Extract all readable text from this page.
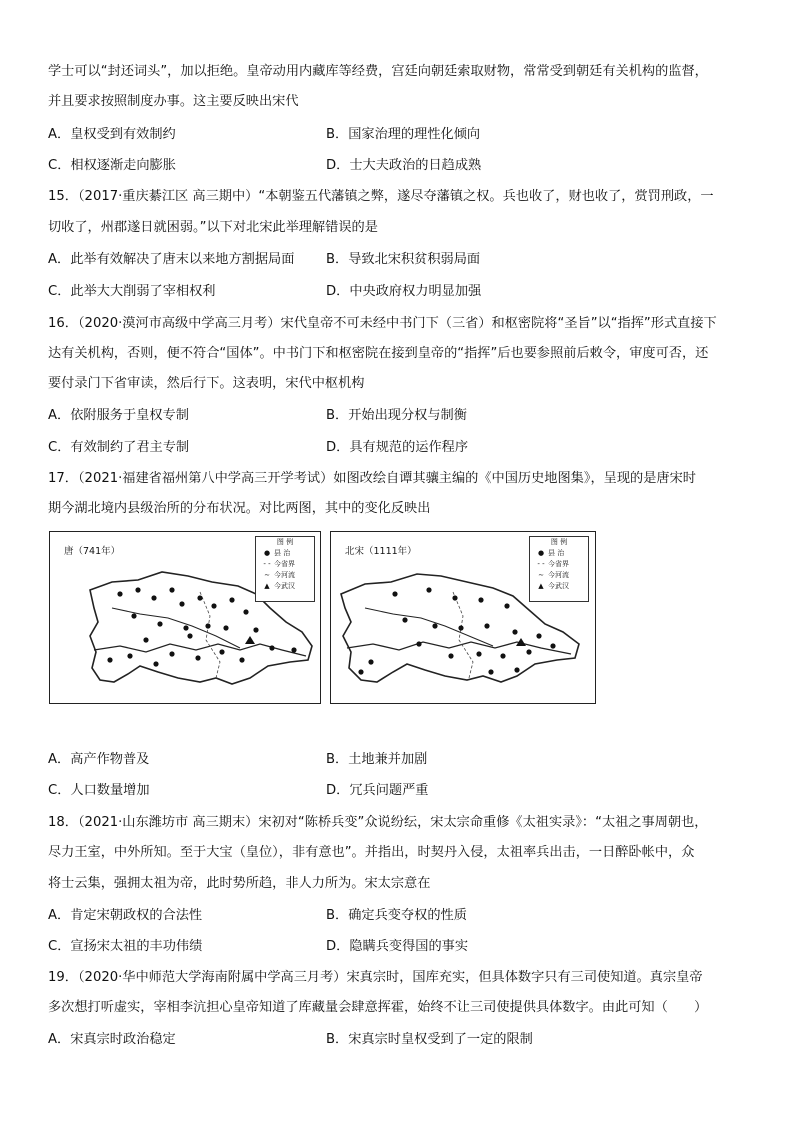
学士可以“封还词头”，加以拒绝。皇帝动用内藏库等经费，宫廷向朝廷索取财物，常常受到朝廷有关机构的监督，
并且要求按照制度办事。这主要反映出宋代
A．皇权受到有效制约	B．国家治理的理性化倾向
C．相权逐渐走向膨胀	D．士大夫政治的日趋成熟
15．（2017·重庆綦江区 高三期中）“本朝鉴五代藩镇之弊，遂尽夺藩镇之权。兵也收了，财也收了，赏罚刑政，一
切收了，州郡遂日就困弱。”以下对北宋此举理解错误的是
A．此举有效解决了唐末以来地方割据局面 B．导致北宋积贫积弱局面
C．此举大大削弱了宰相权利	D．中央政府权力明显加强
16．（2020·漠河市高级中学高三月考）宋代皇帝不可未经中书门下（三省）和枢密院将“圣旨”以“指挥”形式直接下
达有关机构，否则，便不符合“国体”。中书门下和枢密院在接到皇帝的“指挥”后也要参照前后敕令，审度可否，还
要付录门下省审读，然后行下。这表明，宋代中枢机构
A．依附服务于皇权专制	B．开始出现分权与制衡
C．有效制约了君主专制	D．具有规范的运作程序
17．（2021·福建省福州第八中学高三开学考试）如图改绘自谭其骧主编的《中国历史地图集》，呈现的是唐宋时
期今湖北境内县级治所的分布状况。对比两图，其中的变化反映出
唐（741年）
图 例
● 县 治
- - 今省界
∼ 今河流
▲ 今武汉
北宋（1111年）
图 例
● 县 治
- - 今省界
∼ 今河流
▲ 今武汉
A．高产作物普及	B．土地兼并加剧
C．人口数量增加	D．冗兵问题严重
18．（2021·山东潍坊市 高三期末）宋初对“陈桥兵变”众说纷纭，宋太宗命重修《太祖实录》：“太祖之事周朝也，
尽力王室，中外所知。至于大宝（皇位），非有意也”。并指出，时契丹入侵，太祖率兵出击，一日醉卧帐中，众
将士云集，强拥太祖为帝，此时势所趋，非人力所为。宋太宗意在
A．肯定宋朝政权的合法性	B．确定兵变夺权的性质
C．宣扬宋太祖的丰功伟绩	D．隐瞒兵变得国的事实
19．（2020·华中师范大学海南附属中学高三月考）宋真宗时，国库充实，但具体数字只有三司使知道。真宗皇帝
多次想打听虚实，宰相李沆担心皇帝知道了库藏量会肆意挥霍，始终不让三司使提供具体数字。由此可知（　　）
A．宋真宗时政治稳定	B．宋真宗时皇权受到了一定的限制
